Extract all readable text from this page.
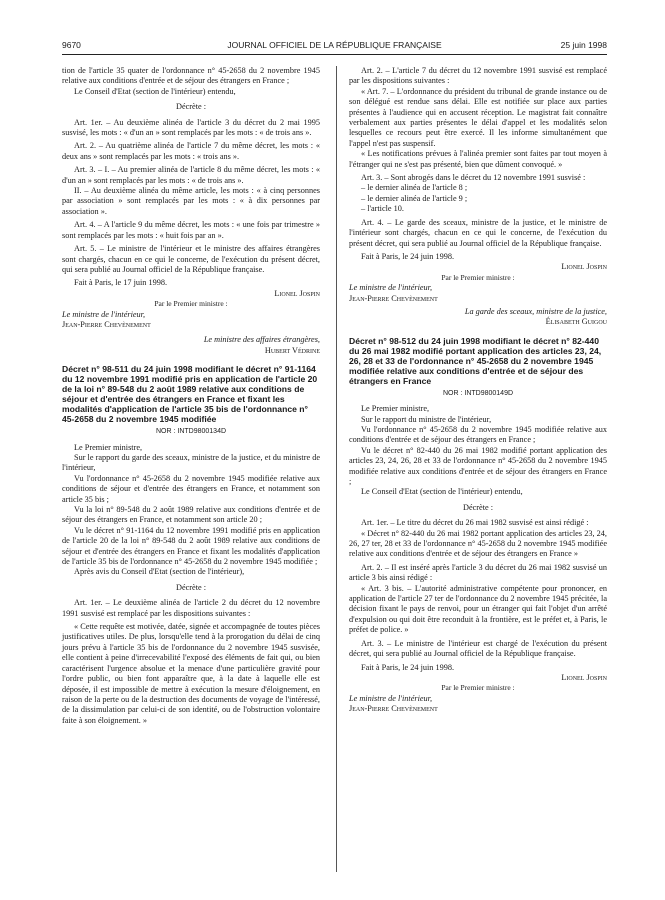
9670	JOURNAL OFFICIEL DE LA RÉPUBLIQUE FRANÇAISE	25 juin 1998

tion de l'article 35 quater de l'ordonnance n° 45-2658 du 2 novembre 1945 relative aux conditions d'entrée et de séjour des étrangers en France ;

Le Conseil d'Etat (section de l'intérieur) entendu,

Décrète :

Art. 1er. – Au deuxième alinéa de l'article 3 du décret du 2 mai 1995 susvisé, les mots : « d'un an » sont remplacés par les mots : « de trois ans ».

Art. 2. – Au quatrième alinéa de l'article 7 du même décret, les mots : « deux ans » sont remplacés par les mots : « trois ans ».

Art. 3. – I. – Au premier alinéa de l'article 8 du même décret, les mots : « d'un an » sont remplacés par les mots : « de trois ans ».

II. – Au deuxième alinéa du même article, les mots : « à cinq personnes par association » sont remplacés par les mots : « à dix personnes par association ».

Art. 4. – A l'article 9 du même décret, les mots : « une fois par trimestre » sont remplacés par les mots : « huit fois par an ».

Art. 5. – Le ministre de l'intérieur et le ministre des affaires étrangères sont chargés, chacun en ce qui le concerne, de l'exécution du présent décret, qui sera publié au Journal officiel de la République française.

Fait à Paris, le 17 juin 1998.

Lionel Jospin

Par le Premier ministre :

Le ministre de l'intérieur,

Jean-Pierre Chevènement

Le ministre des affaires étrangères,

Hubert Védrine

Décret n° 98-511 du 24 juin 1998 modifiant le décret n° 91-1164 du 12 novembre 1991 modifié pris en application de l'article 20 de la loi n° 89-548 du 2 août 1989 relative aux conditions de séjour et d'entrée des étrangers en France et fixant les modalités d'application de l'article 35 bis de l'ordonnance n° 45-2658 du 2 novembre 1945 modifiée

NOR : INTD9800134D

Le Premier ministre,

Sur le rapport du garde des sceaux, ministre de la justice, et du ministre de l'intérieur,

Vu l'ordonnance n° 45-2658 du 2 novembre 1945 modifiée relative aux conditions de séjour et d'entrée des étrangers en France, et notamment son article 35 bis ;

Vu la loi n° 89-548 du 2 août 1989 relative aux conditions d'entrée et de séjour des étrangers en France, et notamment son article 20 ;

Vu le décret n° 91-1164 du 12 novembre 1991 modifié pris en application de l'article 20 de la loi n° 89-548 du 2 août 1989 relative aux conditions de séjour et d'entrée des étrangers en France et fixant les modalités d'application de l'article 35 bis de l'ordonnance n° 45-2658 du 2 novembre 1945 modifiée ;

Après avis du Conseil d'Etat (section de l'intérieur),

Décrète :

Art. 1er. – Le deuxième alinéa de l'article 2 du décret du 12 novembre 1991 susvisé est remplacé par les dispositions suivantes :

« Cette requête est motivée, datée, signée et accompagnée de toutes pièces justificatives utiles. De plus, lorsqu'elle tend à la prorogation du délai de cinq jours prévu à l'article 35 bis de l'ordonnance du 2 novembre 1945 susvisée, elle contient à peine d'irrecevabilité l'exposé des éléments de fait qui, ou bien caractérisent l'urgence absolue et la menace d'une particulière gravité pour l'ordre public, ou bien font apparaître que, à la date à laquelle elle est déposée, il est impossible de mettre à exécution la mesure d'éloignement, en raison de la perte ou de la destruction des documents de voyage de l'intéressé, de la dissimulation par celui-ci de son identité, ou de l'obstruction volontaire faite à son éloignement. »

Art. 2. – L'article 7 du décret du 12 novembre 1991 susvisé est remplacé par les dispositions suivantes :

« Art. 7. – L'ordonnance du président du tribunal de grande instance ou de son délégué est rendue sans délai. Elle est notifiée sur place aux parties présentes à l'audience qui en accusent réception. Le magistrat fait connaître verbalement aux parties présentes le délai d'appel et les modalités selon lesquelles ce recours peut être exercé. Il les informe simultanément que l'appel n'est pas suspensif.

« Les notifications prévues à l'alinéa premier sont faites par tout moyen à l'étranger qui ne s'est pas présenté, bien que dûment convoqué. »

Art. 3. – Sont abrogés dans le décret du 12 novembre 1991 susvisé :

– le dernier alinéa de l'article 8 ;

– le dernier alinéa de l'article 9 ;

– l'article 10.

Art. 4. – Le garde des sceaux, ministre de la justice, et le ministre de l'intérieur sont chargés, chacun en ce qui le concerne, de l'exécution du présent décret, qui sera publié au Journal officiel de la République française.

Fait à Paris, le 24 juin 1998.

Lionel Jospin

Par le Premier ministre :

Le ministre de l'intérieur,

Jean-Pierre Chevènement

La garde des sceaux, ministre de la justice,

Élisabeth Guigou

Décret n° 98-512 du 24 juin 1998 modifiant le décret n° 82-440 du 26 mai 1982 modifié portant application des articles 23, 24, 26, 28 et 33 de l'ordonnance n° 45-2658 du 2 novembre 1945 modifiée relative aux conditions d'entrée et de séjour des étrangers en France

NOR : INTD9800149D

Le Premier ministre,

Sur le rapport du ministre de l'intérieur,

Vu l'ordonnance n° 45-2658 du 2 novembre 1945 modifiée relative aux conditions d'entrée et de séjour des étrangers en France ;

Vu le décret n° 82-440 du 26 mai 1982 modifié portant application des articles 23, 24, 26, 28 et 33 de l'ordonnance n° 45-2658 du 2 novembre 1945 modifiée relative aux conditions d'entrée et de séjour des étrangers en France ;

Le Conseil d'Etat (section de l'intérieur) entendu,

Décrète :

Art. 1er. – Le titre du décret du 26 mai 1982 susvisé est ainsi rédigé :

« Décret n° 82-440 du 26 mai 1982 portant application des articles 23, 24, 26, 27 ter, 28 et 33 de l'ordonnance n° 45-2658 du 2 novembre 1945 modifiée relative aux conditions d'entrée et de séjour des étrangers en France »

Art. 2. – Il est inséré après l'article 3 du décret du 26 mai 1982 susvisé un article 3 bis ainsi rédigé :

« Art. 3 bis. – L'autorité administrative compétente pour prononcer, en application de l'article 27 ter de l'ordonnance du 2 novembre 1945 précitée, la décision fixant le pays de renvoi, pour un étranger qui fait l'objet d'un arrêté d'expulsion ou qui doit être reconduit à la frontière, est le préfet et, à Paris, le préfet de police. »

Art. 3. – Le ministre de l'intérieur est chargé de l'exécution du présent décret, qui sera publié au Journal officiel de la République française.

Fait à Paris, le 24 juin 1998.

Lionel Jospin

Par le Premier ministre :

Le ministre de l'intérieur,

Jean-Pierre Chevènement
